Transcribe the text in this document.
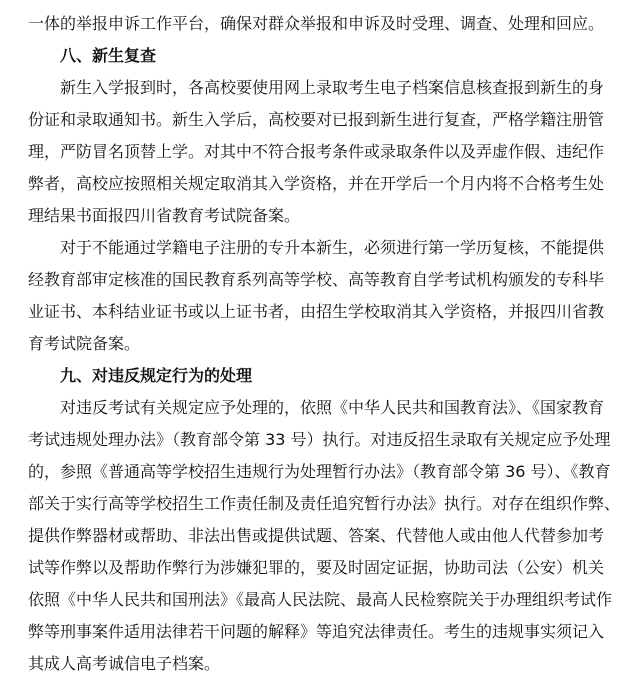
一体的举报申诉工作平台，确保对群众举报和申诉及时受理、调查、处理和回应。
八、新生复查
新生入学报到时，各高校要使用网上录取考生电子档案信息核查报到新生的身
份证和录取通知书。新生入学后，高校要对已报到新生进行复查，严格学籍注册管
理，严防冒名顶替上学。对其中不符合报考条件或录取条件以及弄虚作假、违纪作
弊者，高校应按照相关规定取消其入学资格，并在开学后一个月内将不合格考生处
理结果书面报四川省教育考试院备案。
对于不能通过学籍电子注册的专升本新生，必须进行第一学历复核，不能提供
经教育部审定核准的国民教育系列高等学校、高等教育自学考试机构颁发的专科毕
业证书、本科结业证书或以上证书者，由招生学校取消其入学资格，并报四川省教
育考试院备案。
九、对违反规定行为的处理
对违反考试有关规定应予处理的，依照《中华人民共和国教育法》、《国家教育
考试违规处理办法》（教育部令第 33 号）执行。对违反招生录取有关规定应予处理
的，参照《普通高等学校招生违规行为处理暂行办法》（教育部令第 36 号）、《教育
部关于实行高等学校招生工作责任制及责任追究暂行办法》执行。对存在组织作弊、
提供作弊器材或帮助、非法出售或提供试题、答案、代替他人或由他人代替参加考
试等作弊以及帮助作弊行为涉嫌犯罪的，要及时固定证据，协助司法（公安）机关
依照《中华人民共和国刑法》《最高人民法院、最高人民检察院关于办理组织考试作
弊等刑事案件适用法律若干问题的解释》等追究法律责任。考生的违规事实须记入
其成人高考诚信电子档案。
